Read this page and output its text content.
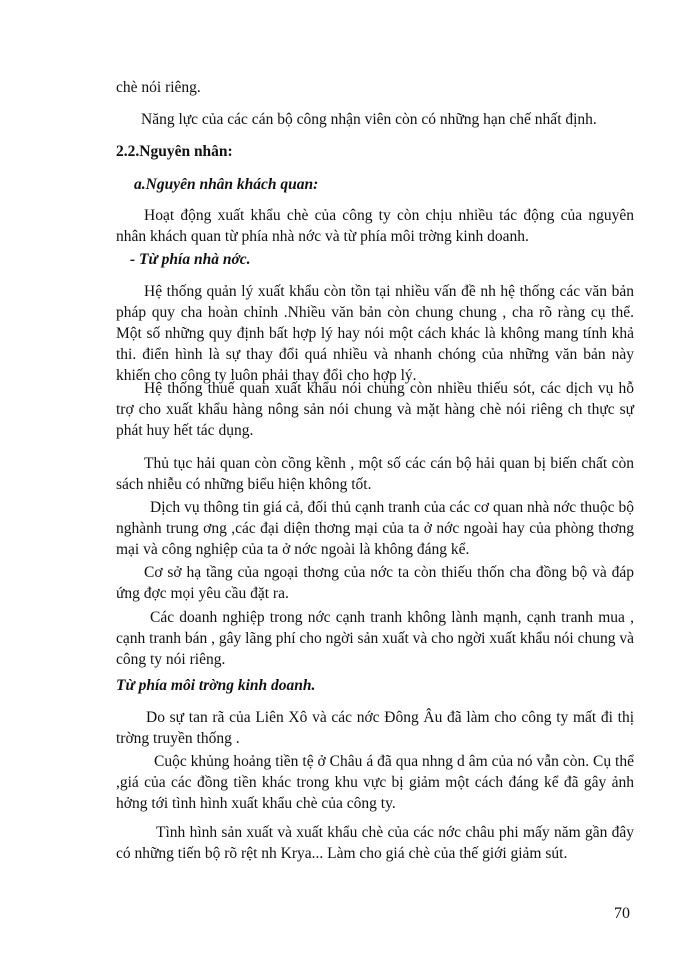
chè nói riêng.

Năng lực của các cán bộ công nhận viên còn có những hạn chế nhất định.

2.2.Nguyên nhân:

a.Nguyên nhân khách quan:

Hoạt động xuất khẩu chè của công ty còn chịu nhiều tác động của nguyên nhân khách quan từ phía nhà nớc và từ phía môi trờng kinh doanh.

- Từ phía nhà nớc.

Hệ thống quản lý xuất khẩu còn tồn tại nhiều vấn đề nh hệ thống các văn bản pháp quy cha hoàn chỉnh .Nhiều văn bản còn chung chung , cha rõ ràng cụ thể. Một số những quy định bất hợp lý hay nói một cách khác là không mang tính khả thi. điển hình là sự thay đổi quá nhiều và nhanh chóng của những văn bản này khiến cho công ty luôn phải thay đổi cho hợp lý.

Hệ thống thuế quan xuất khẩu nói chung còn nhiều thiếu sót, các dịch vụ hỗ trợ cho xuất khẩu hàng nông sản nói chung và mặt hàng chè nói riêng ch thực sự phát huy hết tác dụng.

Thủ tục hải quan còn cồng kềnh , một số các cán bộ hải quan bị biến chất còn sách nhiễu có những biểu hiện không tốt.

Dịch vụ thông tin giá cả, đối thủ cạnh tranh của các cơ quan nhà nớc thuộc bộ nghành trung ơng ,các đại diện thơng mại của ta ở nớc ngoài hay của phòng thơng mại và công nghiệp của ta ở nớc ngoài là không đáng kể.

Cơ sở hạ tầng của ngoại thơng của nớc ta còn thiếu thốn cha đồng bộ và đáp ứng đợc mọi yêu cầu đặt ra.

Các doanh nghiệp trong nớc cạnh tranh không lành mạnh, cạnh tranh mua , cạnh tranh bán , gây lãng phí cho ngời sản xuất và cho ngời xuất khẩu nói chung và công ty nói riêng.

Từ phía môi trờng kinh doanh.

Do sự tan rã của Liên Xô và các nớc Đông Âu đã làm cho công ty mất đi thị trờng truyền thống .

Cuộc khủng hoảng tiền tệ ở Châu á đã qua nhng d âm của nó vẫn còn. Cụ thể ,giá của các đồng tiền khác trong khu vực bị giảm một cách đáng kể đã gây ảnh hởng tới tình hình xuất khẩu chè của công ty.

Tình hình sản xuất và xuất khẩu chè của các nớc châu phi mấy năm gần đây có những tiến bộ rõ rệt nh Krya... Làm cho giá chè của thế giới giảm sút.

70
